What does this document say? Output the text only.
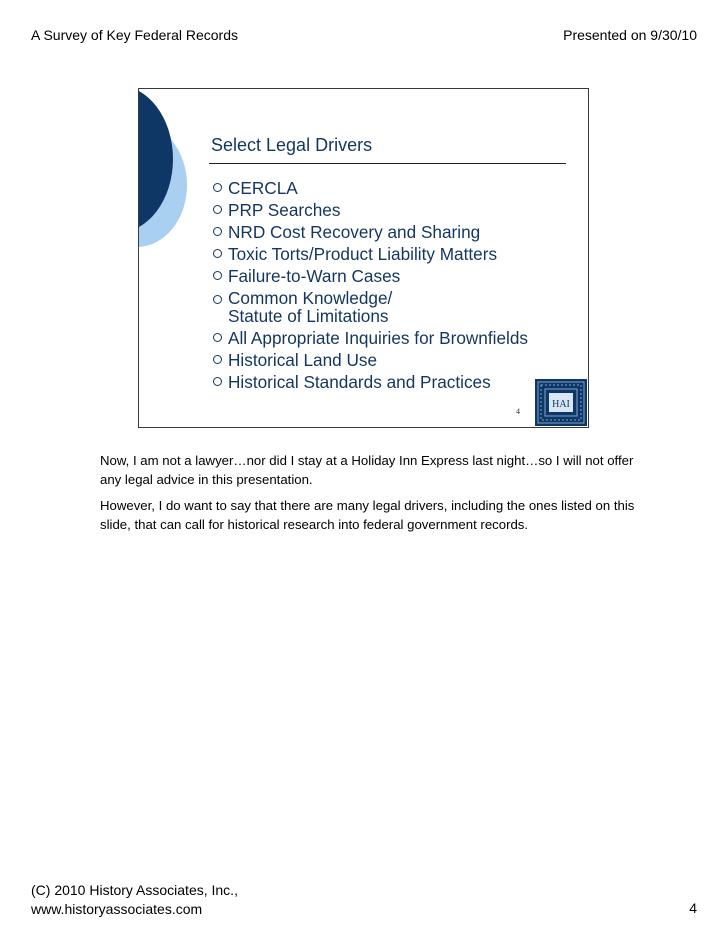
A Survey of Key Federal Records	Presented on 9/30/10
Select Legal Drivers
CERCLA
PRP Searches
NRD Cost Recovery and Sharing
Toxic Torts/Product Liability Matters
Failure-to-Warn Cases
Common Knowledge/
Statute of Limitations
All Appropriate Inquiries for Brownfields
Historical Land Use
Historical Standards and Practices
4
HAI

Now, I am not a lawyer…nor did I stay at a Holiday Inn Express last night…so I will not offer any legal advice in this presentation.

However, I do want to say that there are many legal drivers, including the ones listed on this slide, that can call for historical research into federal government records.

(C) 2010 History Associates, Inc.,
www.historyassociates.com	4
